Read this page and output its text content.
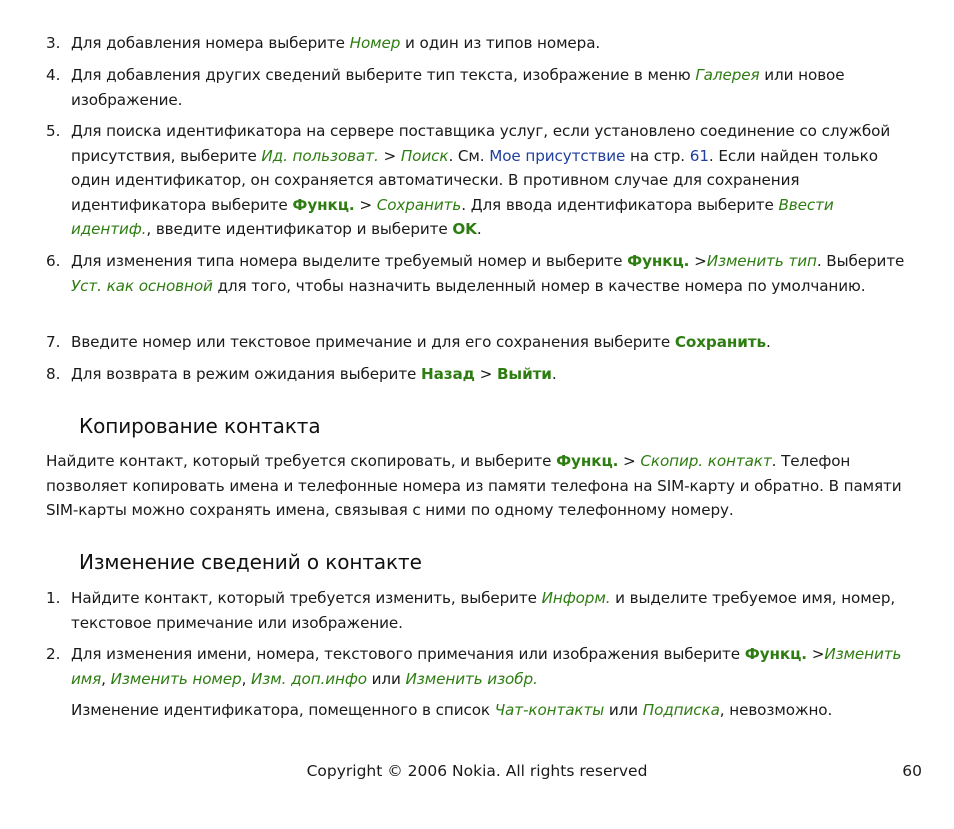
3. Для добавления номера выберите Номер и один из типов номера.
4. Для добавления других сведений выберите тип текста, изображение в меню Галерея или новое изображение.
5. Для поиска идентификатора на сервере поставщика услуг, если установлено соединение со службой присутствия, выберите Ид. пользоват. > Поиск. См. Мое присутствие на стр. 61. Если найден только один идентификатор, он сохраняется автоматически. В противном случае для сохранения идентификатора выберите Функц. > Сохранить. Для ввода идентификатора выберите Ввести идентиф., введите идентификатор и выберите OK.
6. Для изменения типа номера выделите требуемый номер и выберите Функц. >Изменить тип. Выберите Уст. как основной для того, чтобы назначить выделенный номер в качестве номера по умолчанию.
7. Введите номер или текстовое примечание и для его сохранения выберите Сохранить.
8. Для возврата в режим ожидания выберите Назад > Выйти.
Копирование контакта
Найдите контакт, который требуется скопировать, и выберите Функц. > Скопир. контакт. Телефон позволяет копировать имена и телефонные номера из памяти телефона на SIM-карту и обратно. В памяти SIM-карты можно сохранять имена, связывая с ними по одному телефонному номеру.
Изменение сведений о контакте
1. Найдите контакт, который требуется изменить, выберите Информ. и выделите требуемое имя, номер, текстовое примечание или изображение.
2. Для изменения имени, номера, текстового примечания или изображения выберите Функц. >Изменить имя, Изменить номер, Изм. доп.инфо или Изменить изобр.
Изменение идентификатора, помещенного в список Чат-контакты или Подписка, невозможно.
Copyright © 2006 Nokia. All rights reserved	60
